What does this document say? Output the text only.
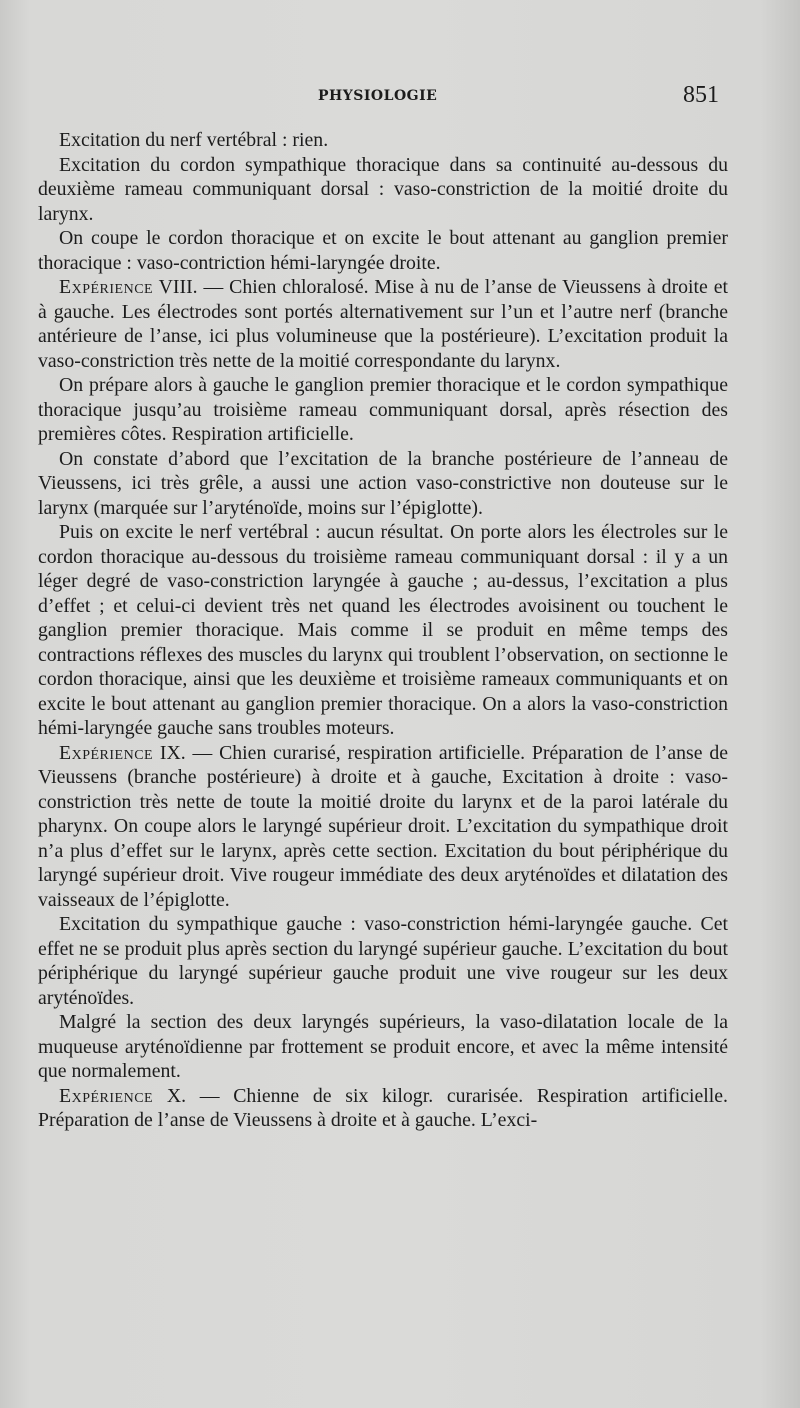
PHYSIOLOGIE	851

Excitation du nerf vertébral : rien.

Excitation du cordon sympathique thoracique dans sa continuité au-dessous du deuxième rameau communiquant dorsal : vaso-constriction de la moitié droite du larynx.

On coupe le cordon thoracique et on excite le bout attenant au ganglion premier thoracique : vaso-contriction hémi-laryngée droite.

Expérience VIII. — Chien chloralosé. Mise à nu de l’anse de Vieussens à droite et à gauche. Les électrodes sont portés alternativement sur l’un et l’autre nerf (branche antérieure de l’anse, ici plus volumineuse que la postérieure). L’excitation produit la vaso-constriction très nette de la moitié correspondante du larynx.

On prépare alors à gauche le ganglion premier thoracique et le cordon sympathique thoracique jusqu’au troisième rameau communiquant dorsal, après résection des premières côtes. Respiration artificielle.

On constate d’abord que l’excitation de la branche postérieure de l’anneau de Vieussens, ici très grêle, a aussi une action vaso-constrictive non douteuse sur le larynx (marquée sur l’aryténoïde, moins sur l’épiglotte).

Puis on excite le nerf vertébral : aucun résultat. On porte alors les électroles sur le cordon thoracique au-dessous du troisième rameau communiquant dorsal : il y a un léger degré de vaso-constriction laryngée à gauche ; au-dessus, l’excitation a plus d’effet ; et celui-ci devient très net quand les électrodes avoisinent ou touchent le ganglion premier thoracique. Mais comme il se produit en même temps des contractions réflexes des muscles du larynx qui troublent l’observation, on sectionne le cordon thoracique, ainsi que les deuxième et troisième rameaux communiquants et on excite le bout attenant au ganglion premier thoracique. On a alors la vaso-constriction hémi-laryngée gauche sans troubles moteurs.

Expérience IX. — Chien curarisé, respiration artificielle. Préparation de l’anse de Vieussens (branche postérieure) à droite et à gauche, Excitation à droite : vaso-constriction très nette de toute la moitié droite du larynx et de la paroi latérale du pharynx. On coupe alors le laryngé supérieur droit. L’excitation du sympathique droit n’a plus d’effet sur le larynx, après cette section. Excitation du bout périphérique du laryngé supérieur droit. Vive rougeur immédiate des deux aryténoïdes et dilatation des vaisseaux de l’épiglotte.

Excitation du sympathique gauche : vaso-constriction hémi-laryngée gauche. Cet effet ne se produit plus après section du laryngé supérieur gauche. L’excitation du bout périphérique du laryngé supérieur gauche produit une vive rougeur sur les deux aryténoïdes.

Malgré la section des deux laryngés supérieurs, la vaso-dilatation locale de la muqueuse aryténoïdienne par frottement se produit encore, et avec la même intensité que normalement.

Expérience X. — Chienne de six kilogr. curarisée. Respiration artificielle. Préparation de l’anse de Vieussens à droite et à gauche. L’exci-
